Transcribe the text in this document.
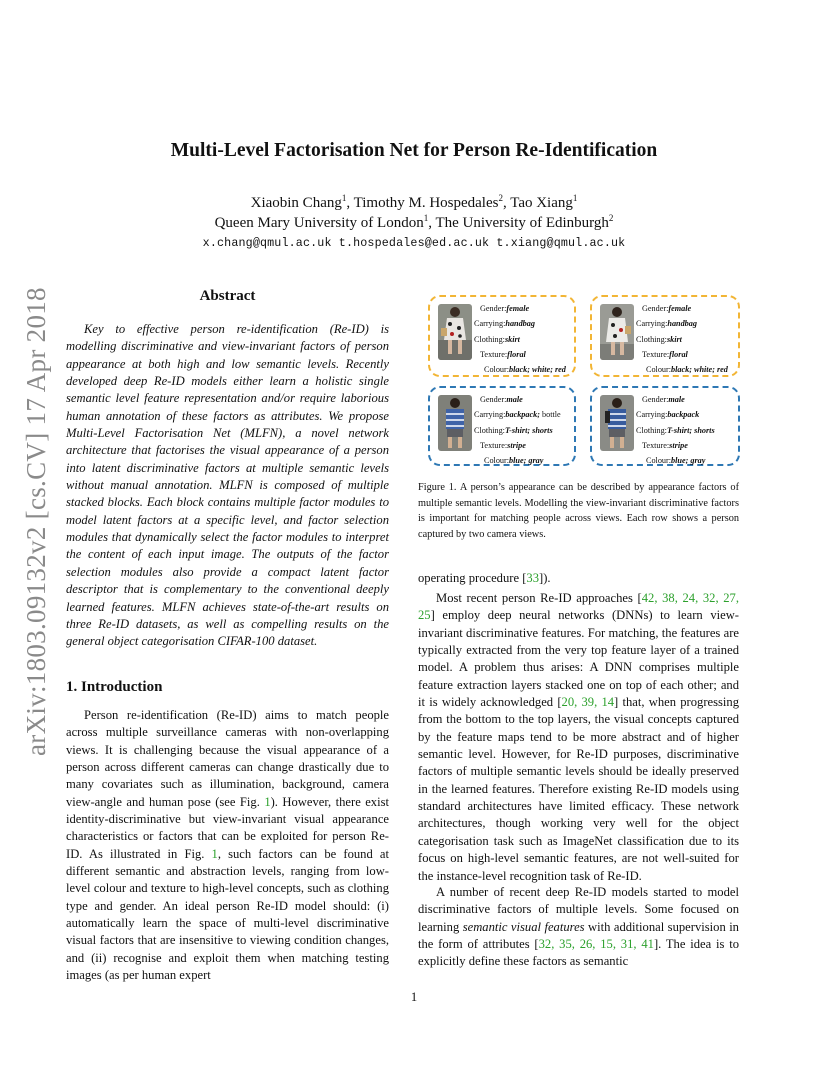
arXiv:1803.09132v2 [cs.CV] 17 Apr 2018
Multi-Level Factorisation Net for Person Re-Identification
Xiaobin Chang$^1$, Timothy M. Hospedales$^2$, Tao Xiang$^1$
Queen Mary University of London$^1$, The University of Edinburgh$^2$
x.chang@qmul.ac.uk t.hospedales@ed.ac.uk t.xiang@qmul.ac.uk
Abstract

Key to effective person re-identification (Re-ID) is modelling discriminative and view-invariant factors of person appearance at both high and low semantic levels. Recently developed deep Re-ID models either learn a holistic single semantic level feature representation and/or require laborious human annotation of these factors as attributes. We propose Multi-Level Factorisation Net (MLFN), a novel network architecture that factorises the visual appearance of a person into latent discriminative factors at multiple semantic levels without manual annotation. MLFN is composed of multiple stacked blocks. Each block contains multiple factor modules to model latent factors at a specific level, and factor selection modules that dynamically select the factor modules to interpret the content of each input image. The outputs of the factor selection modules also provide a compact latent factor descriptor that is complementary to the conventional deeply learned features. MLFN achieves state-of-the-art results on three Re-ID datasets, as well as compelling results on the general object categorisation CIFAR-100 dataset.

1. Introduction

Person re-identification (Re-ID) aims to match people across multiple surveillance cameras with non-overlapping views. It is challenging because the visual appearance of a person across different cameras can change drastically due to many covariates such as illumination, background, camera view-angle and human pose (see Fig. 1). However, there exist identity-discriminative but view-invariant visual appearance characteristics or factors that can be exploited for person Re-ID. As illustrated in Fig. 1, such factors can be found at different semantic and abstraction levels, ranging from low-level colour and texture to high-level concepts, such as clothing type and gender. An ideal person Re-ID model should: (i) automatically learn the space of multi-level discriminative visual factors that are insensitive to viewing condition changes, and (ii) recognise and exploit them when matching testing images (as per human expert

Gender:female
Carrying:handbag
Clothing:skirt
Texture:floral
Colour:black; white; red
Gender:female
Carrying:handbag
Clothing:skirt
Texture:floral
Colour:black; white; red
Gender:male
Carrying:backpack; bottle
Clothing:T-shirt; shorts
Texture:stripe
Colour:blue; gray
Gender:male
Carrying:backpack
Clothing:T-shirt; shorts
Texture:stripe
Colour:blue; gray

Figure 1. A person’s appearance can be described by appearance factors of multiple semantic levels. Modelling the view-invariant discriminative factors is important for matching people across views. Each row shows a person captured by two camera views.

operating procedure [33]).

Most recent person Re-ID approaches [42, 38, 24, 32, 27, 25] employ deep neural networks (DNNs) to learn view-invariant discriminative features. For matching, the features are typically extracted from the very top feature layer of a trained model. A problem thus arises: A DNN comprises multiple feature extraction layers stacked one on top of each other; and it is widely acknowledged [20, 39, 14] that, when progressing from the bottom to the top layers, the visual concepts captured by the feature maps tend to be more abstract and of higher semantic level. However, for Re-ID purposes, discriminative factors of multiple semantic levels should be ideally preserved in the learned features. Therefore existing Re-ID models using standard architectures have limited efficacy. These network architectures, though working very well for the object categorisation task such as ImageNet classification due to its focus on high-level semantic features, are not well-suited for the instance-level recognition task of Re-ID.

A number of recent deep Re-ID models started to model discriminative factors of multiple levels. Some focused on learning semantic visual features with additional supervision in the form of attributes [32, 35, 26, 15, 31, 41]. The idea is to explicitly define these factors as semantic

1
